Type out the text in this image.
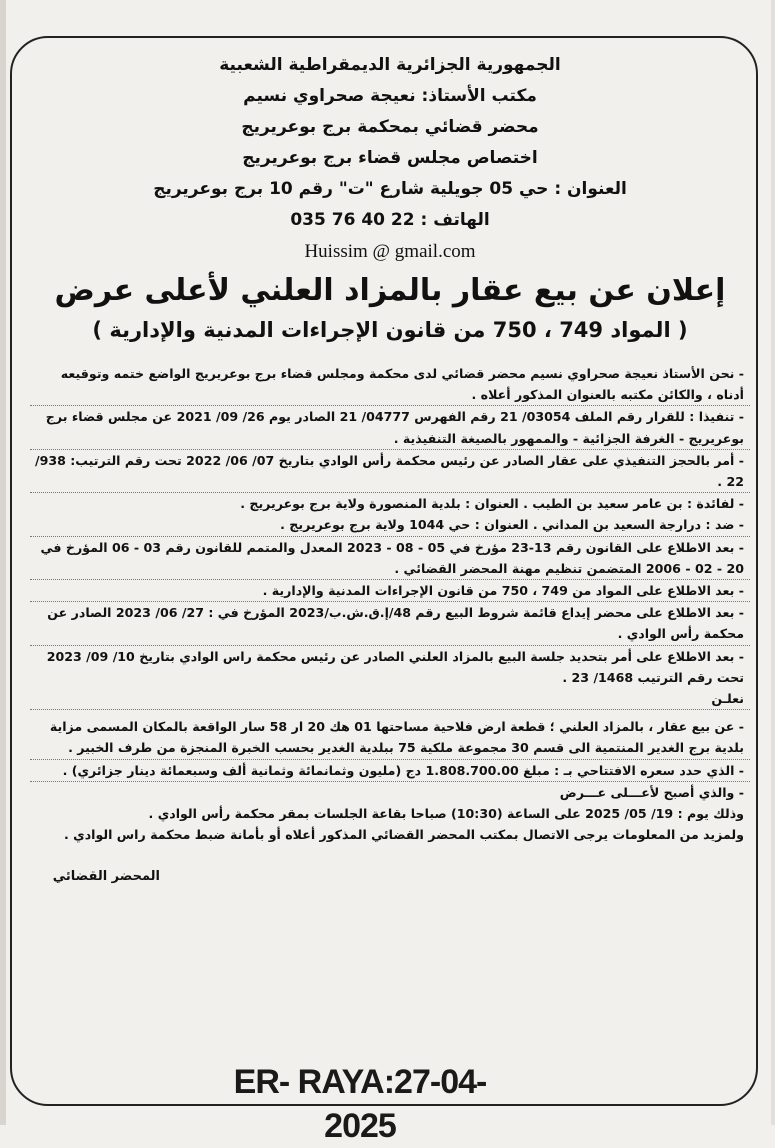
الجمهورية الجزائرية الديمقراطية الشعبية
مكتب الأستاذ: نعيجة صحراوي نسيم
محضر قضائي بمحكمة برج بوعريريج
اختصاص مجلس قضاء برج بوعريريج
العنوان : حي 05 جويلية شارع "ت" رقم 10 برج بوعريريج
الهاتف : 22 40 76 035
Huissim @ gmail.com
إعلان عن بيع عقار بالمزاد العلني لأعلى عرض
( المواد 749 ، 750 من قانون الإجراءات المدنية والإدارية )
- نحن الأستاذ نعيجة صحراوي نسيم محضر قضائي لدى محكمة ومجلس قضاء برج بوعريريج الواضع ختمه وتوقيعه أدناه ، والكائن مكتبه بالعنوان المذكور أعلاه .
- تنفيذا : للقرار رقم الملف 03054/ 21 رقم الفهرس 04777/ 21 الصادر يوم 26/ 09/ 2021 عن مجلس قضاء برج بوعريريج - الغرفة الجزائية - والممهور بالصيغة التنفيذية .
- أمر بالحجز التنفيذي على عقار الصادر عن رئيس محكمة رأس الوادي بتاريخ 07/ 06/ 2022 تحت رقم الترتيب: 938/ 22 .
- لفائدة : بن عامر سعيد بن الطيب . العنوان : بلدية المنصورة ولاية برج بوعريريج .
- ضد : درارجة السعيد بن المداني . العنوان : حي 1044 ولاية برج بوعريريج .
- بعد الاطلاع على القانون رقم 13-23 مؤرخ في 05 - 08 - 2023 المعدل والمتمم للقانون رقم 03 - 06 المؤرخ في 20 - 02 - 2006 المتضمن تنظيم مهنة المحضر القضائي .
- بعد الاطلاع على المواد من 749 ، 750 من قانون الإجراءات المدنية والإدارية .
- بعد الاطلاع على محضر إيداع قائمة شروط البيع رقم 48/إ.ق.ش.ب/2023 المؤرخ في : 27/ 06/ 2023 الصادر عن محكمة رأس الوادي .
- بعد الاطلاع على أمر بتحديد جلسة البيع بالمزاد العلني الصادر عن رئيس محكمة راس الوادي بتاريخ 10/ 09/ 2023 تحت رقم الترتيب 1468/ 23 .
نعلـن
- عن بيع عقار ، بالمزاد العلني ؛ قطعة ارض فلاحية مساحتها 01 هك 20 ار 58 سار الواقعة بالمكان المسمى مزاية بلدية برج الغدير المنتمية الى قسم 30 مجموعة ملكية 75 ببلدية الغدير بحسب الخبرة المنجزة من طرف الخبير .
- الذي حدد سعره الافتتاحي بـ : مبلغ 1.808.700.00 دج (مليون وثمانمائة وثمانية ألف وسبعمائة دينار جزائري) .
- والذي أصبح لأعـــلى عـــرض
وذلك يوم : 19/ 05/ 2025 على الساعة (10:30) صباحا بقاعة الجلسات بمقر محكمة رأس الوادي .
ولمزيد من المعلومات يرجى الاتصال بمكتب المحضر القضائي المذكور أعلاه أو بأمانة ضبط محكمة راس الوادي .
المحضر القضائي
ER- RAYA:27-04-2025
